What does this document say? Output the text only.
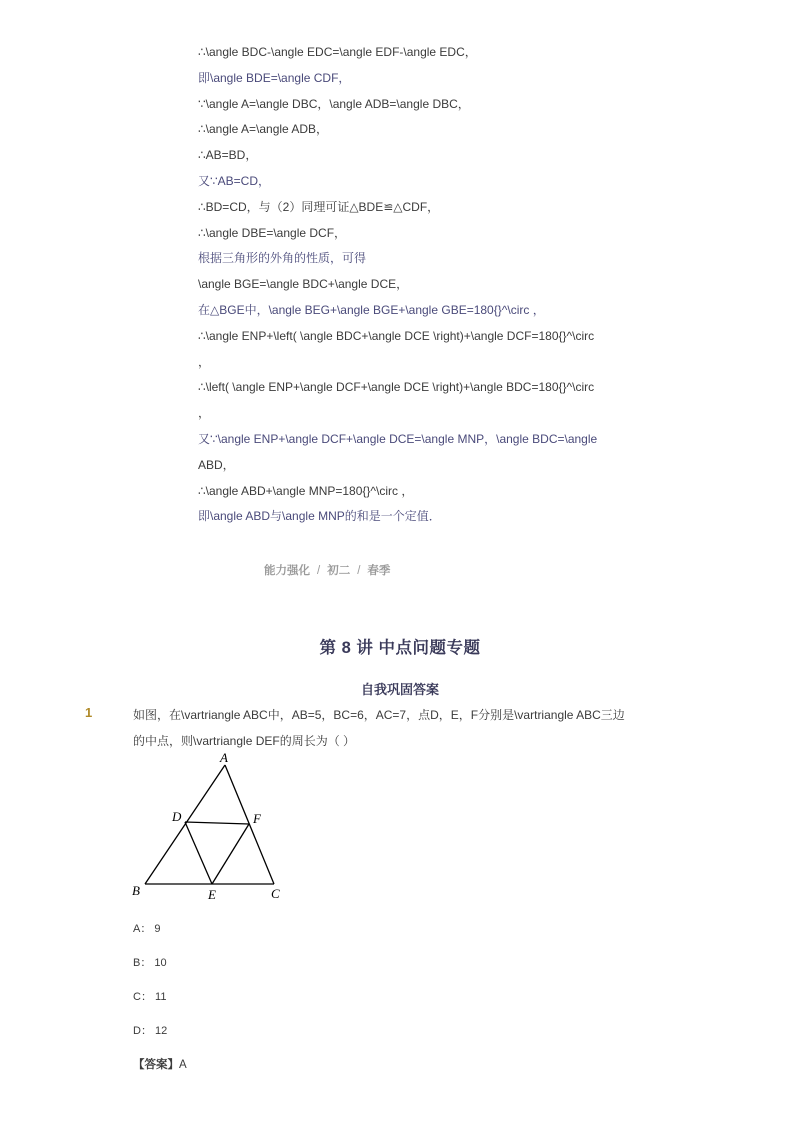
∴\angle BDC-\angle EDC=\angle EDF-\angle EDC，
即\angle BDE=\angle CDF，
∵\angle A=\angle DBC，\angle ADB=\angle DBC，
∴\angle A=\angle ADB，
∴AB=BD，
又∵AB=CD，
∴BD=CD，与（2）同理可证△BDE≌△CDF，
∴\angle DBE=\angle DCF，
根据三角形的外角的性质，可得
\angle BGE=\angle BDC+\angle DCE，
在△BGE中，\angle BEG+\angle BGE+\angle GBE=180{}^\circ ，
∴\angle ENP+\left( \angle BDC+\angle DCE \right)+\angle DCF=180{}^\circ
，
∴\left( \angle ENP+\angle DCF+\angle DCE \right)+\angle BDC=180{}^\circ
，
又∵\angle ENP+\angle DCF+\angle DCE=\angle MNP，\angle BDC=\angle
ABD，
∴\angle ABD+\angle MNP=180{}^\circ ，
即\angle ABD与\angle MNP的和是一个定值．
能力强化 / 初二 / 春季
第 8 讲 中点问题专题
自我巩固答案
1	如图，在\vartriangle ABC中，AB=5，BC=6，AC=7，点D，E，F分别是\vartriangle ABC三边的中点，则\vartriangle DEF的周长为（ ）
A
D	F
B	E	C
A： 9
B： 10
C： 11
D： 12
【答案】A
